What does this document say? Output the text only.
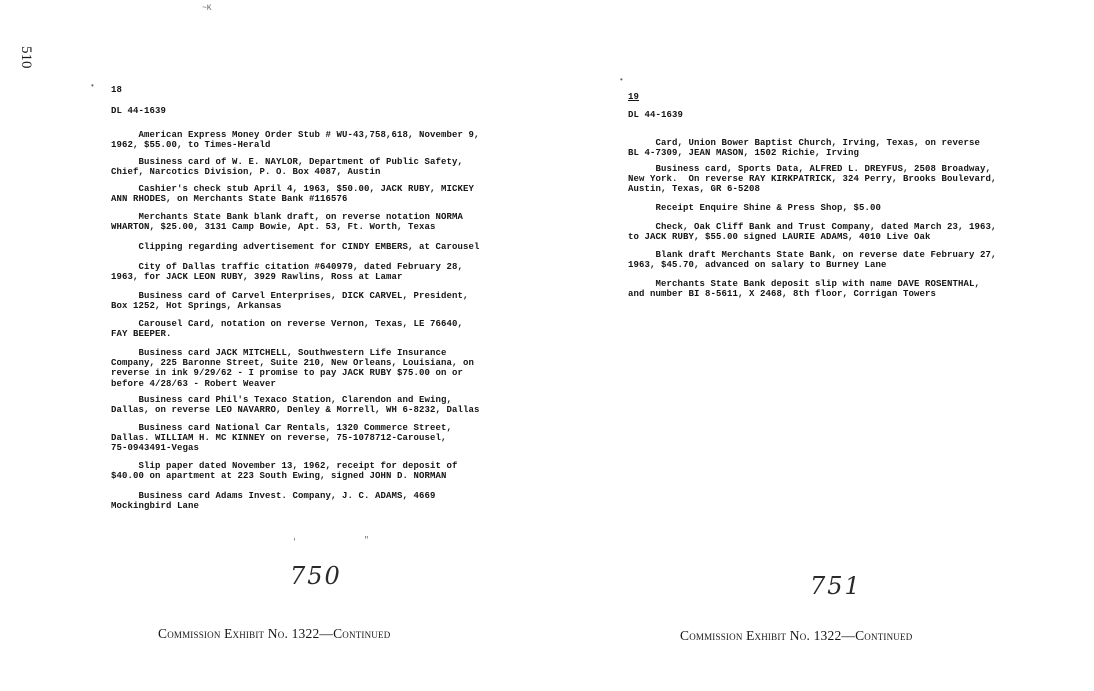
510
~K
• 18
DL 44-1639
American Express Money Order Stub # WU-43,758,618, November 9,
1962, $55.00, to Times-Herald
Business card of W. E. NAYLOR, Department of Public Safety,
Chief, Narcotics Division, P. O. Box 4087, Austin
Cashier's check stub April 4, 1963, $50.00, JACK RUBY, MICKEY
ANN RHODES, on Merchants State Bank #116576
Merchants State Bank blank draft, on reverse notation NORMA
WHARTON, $25.00, 3131 Camp Bowie, Apt. 53, Ft. Worth, Texas
Clipping regarding advertisement for CINDY EMBERS, at Carousel
City of Dallas traffic citation #640979, dated February 28,
1963, for JACK LEON RUBY, 3929 Rawlins, Ross at Lamar
Business card of Carvel Enterprises, DICK CARVEL, President,
Box 1252, Hot Springs, Arkansas
Carousel Card, notation on reverse Vernon, Texas, LE 76640,
FAY BEEPER.
Business card JACK MITCHELL, Southwestern Life Insurance
Company, 225 Baronne Street, Suite 210, New Orleans, Louisiana, on
reverse in ink 9/29/62 - I promise to pay JACK RUBY $75.00 on or
before 4/28/63 - Robert Weaver
Business card Phil's Texaco Station, Clarendon and Ewing,
Dallas, on reverse LEO NAVARRO, Denley & Morrell, WH 6-8232, Dallas
Business card National Car Rentals, 1320 Commerce Street,
Dallas. WILLIAM H. MC KINNEY on reverse, 75-1078712-Carousel,
75-0943491-Vegas
Slip paper dated November 13, 1962, receipt for deposit of
$40.00 on apartment at 223 South Ewing, signed JOHN D. NORMAN
Business card Adams Invest. Company, J. C. ADAMS, 4669
Mockingbird Lane
'	"
750
Commission Exhibit No. 1322—Continued
•
19
DL 44-1639
Card, Union Bower Baptist Church, Irving, Texas, on reverse
BL 4-7309, JEAN MASON, 1502 Richie, Irving
Business card, Sports Data, ALFRED L. DREYFUS, 2508 Broadway,
New York.  On reverse RAY KIRKPATRICK, 324 Perry, Brooks Boulevard,
Austin, Texas, GR 6-5208
Receipt Enquire Shine & Press Shop, $5.00
Check, Oak Cliff Bank and Trust Company, dated March 23, 1963,
to JACK RUBY, $55.00 signed LAURIE ADAMS, 4010 Live Oak
Blank draft Merchants State Bank, on reverse date February 27,
1963, $45.70, advanced on salary to Burney Lane
Merchants State Bank deposit slip with name DAVE ROSENTHAL,
and number BI 8-5611, X 2468, 8th floor, Corrigan Towers
751
Commission Exhibit No. 1322—Continued
